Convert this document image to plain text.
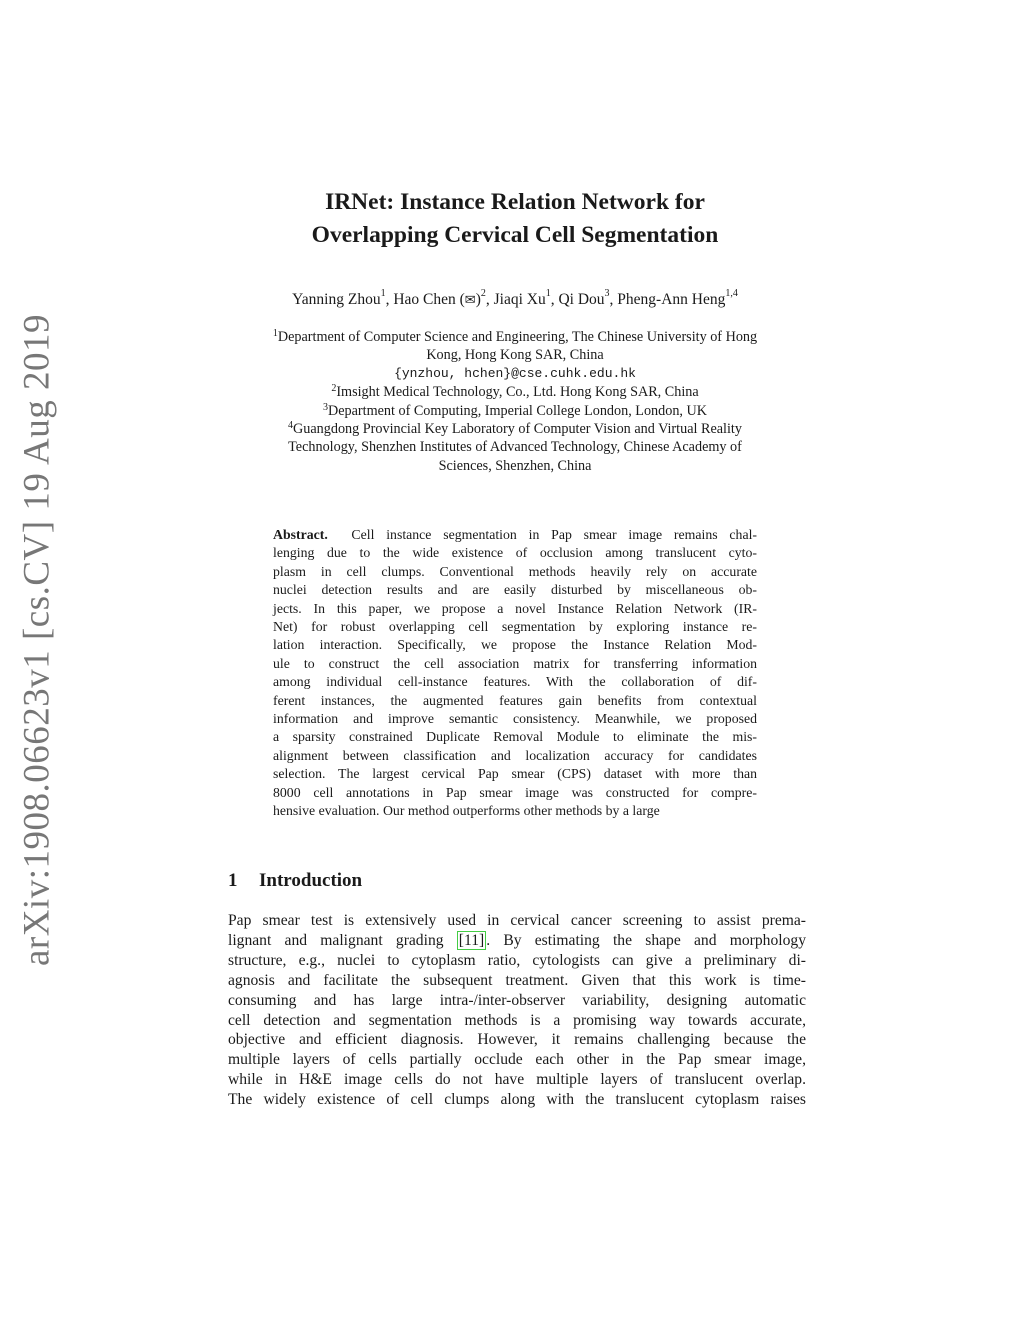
arXiv:1908.06623v1 [cs.CV] 19 Aug 2019
IRNet: Instance Relation Network for
Overlapping Cervical Cell Segmentation
Yanning Zhou$^1$, Hao Chen (✉)$^2$, Jiaqi Xu$^1$, Qi Dou$^3$, Pheng-Ann Heng$^{1,4}$
$^1$Department of Computer Science and Engineering, The Chinese University of Hong
Kong, Hong Kong SAR, China
{ynzhou, hchen}@cse.cuhk.edu.hk
$^2$Imsight Medical Technology, Co., Ltd. Hong Kong SAR, China
$^3$Department of Computing, Imperial College London, London, UK
$^4$Guangdong Provincial Key Laboratory of Computer Vision and Virtual Reality
Technology, Shenzhen Institutes of Advanced Technology, Chinese Academy of
Sciences, Shenzhen, China
Abstract. Cell instance segmentation in Pap smear image remains chal-
lenging due to the wide existence of occlusion among translucent cyto-
plasm in cell clumps. Conventional methods heavily rely on accurate
nuclei detection results and are easily disturbed by miscellaneous ob-
jects. In this paper, we propose a novel Instance Relation Network (IR-
Net) for robust overlapping cell segmentation by exploring instance re-
lation interaction. Specifically, we propose the Instance Relation Mod-
ule to construct the cell association matrix for transferring information
among individual cell-instance features. With the collaboration of dif-
ferent instances, the augmented features gain benefits from contextual
information and improve semantic consistency. Meanwhile, we proposed
a sparsity constrained Duplicate Removal Module to eliminate the mis-
alignment between classification and localization accuracy for candidates
selection. The largest cervical Pap smear (CPS) dataset with more than
8000 cell annotations in Pap smear image was constructed for compre-
hensive evaluation. Our method outperforms other methods by a large
1 Introduction
Pap smear test is extensively used in cervical cancer screening to assist prema-
lignant and malignant grading [11] . By estimating the shape and morphology
structure, e.g., nuclei to cytoplasm ratio, cytologists can give a preliminary di-
agnosis and facilitate the subsequent treatment. Given that this work is time-
consuming and has large intra-/inter-observer variability, designing automatic
cell detection and segmentation methods is a promising way towards accurate,
objective and efficient diagnosis. However, it remains challenging because the
multiple layers of cells partially occlude each other in the Pap smear image,
while in H&E image cells do not have multiple layers of translucent overlap.
The widely existence of cell clumps along with the translucent cytoplasm raises
